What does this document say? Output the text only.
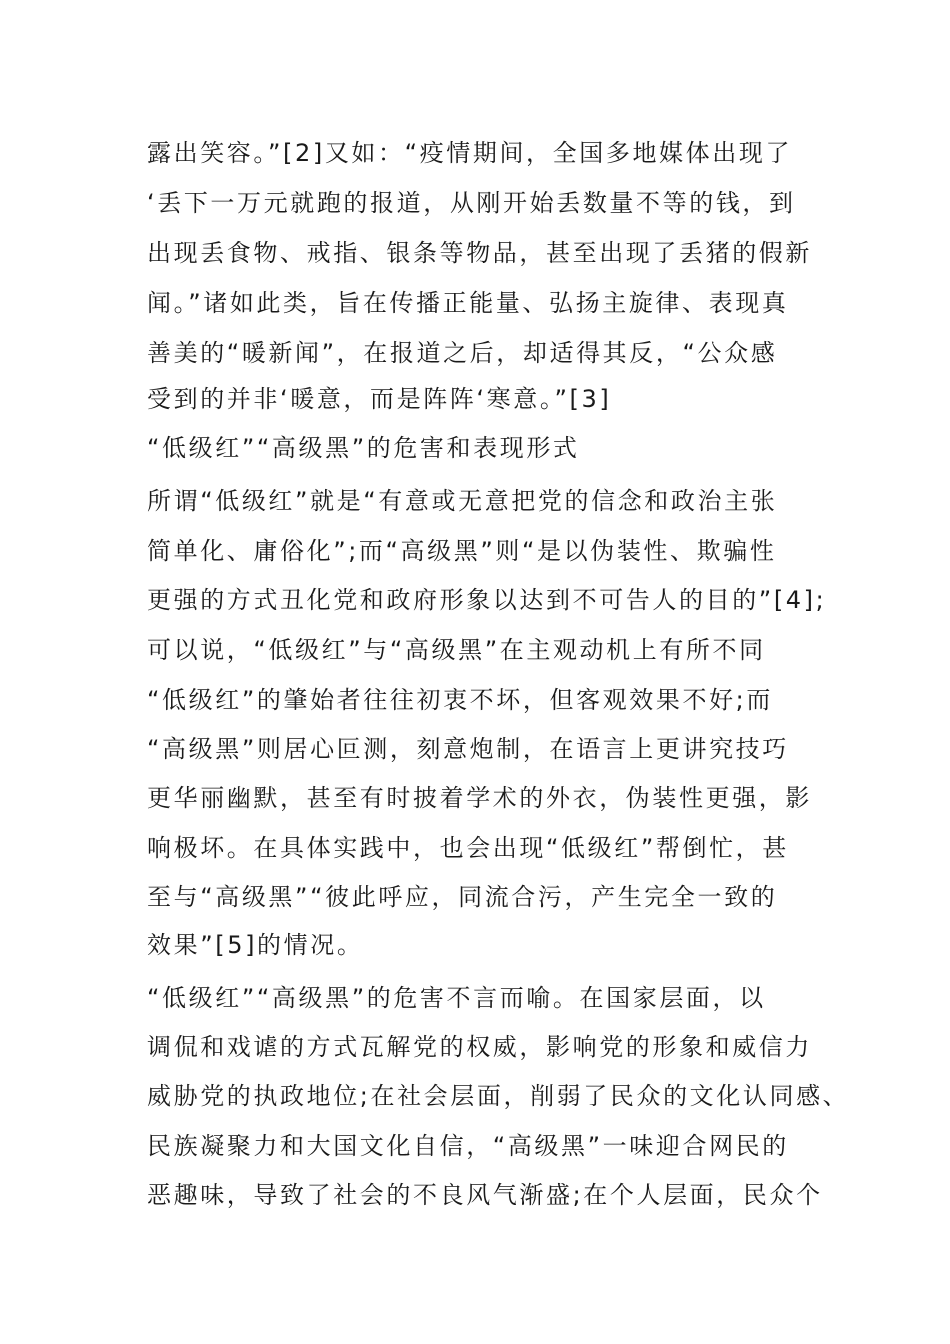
露出笑容。”[2]又如：“疫情期间，全国多地媒体出现了
‘丢下一万元就跑的报道，从刚开始丢数量不等的钱，到
出现丢食物、戒指、银条等物品，甚至出现了丢猪的假新
闻。”诸如此类，旨在传播正能量、弘扬主旋律、表现真
善美的“暖新闻”，在报道之后，却适得其反，“公众感
受到的并非‘暖意，而是阵阵‘寒意。”[3]
“低级红”“高级黑”的危害和表现形式
所谓“低级红”就是“有意或无意把党的信念和政治主张
简单化、庸俗化”;而“高级黑”则“是以伪装性、欺骗性
更强的方式丑化党和政府形象以达到不可告人的目的”[4];
可以说，“低级红”与“高级黑”在主观动机上有所不同
“低级红”的肇始者往往初衷不坏，但客观效果不好;而
“高级黑”则居心叵测，刻意炮制，在语言上更讲究技巧
更华丽幽默，甚至有时披着学术的外衣，伪装性更强，影
响极坏。在具体实践中，也会出现“低级红”帮倒忙，甚
至与“高级黑”“彼此呼应，同流合污，产生完全一致的
效果”[5]的情况。
“低级红”“高级黑”的危害不言而喻。在国家层面，以
调侃和戏谑的方式瓦解党的权威，影响党的形象和威信力
威胁党的执政地位;在社会层面，削弱了民众的文化认同感、
民族凝聚力和大国文化自信，“高级黑”一味迎合网民的
恶趣味，导致了社会的不良风气渐盛;在个人层面，民众个
